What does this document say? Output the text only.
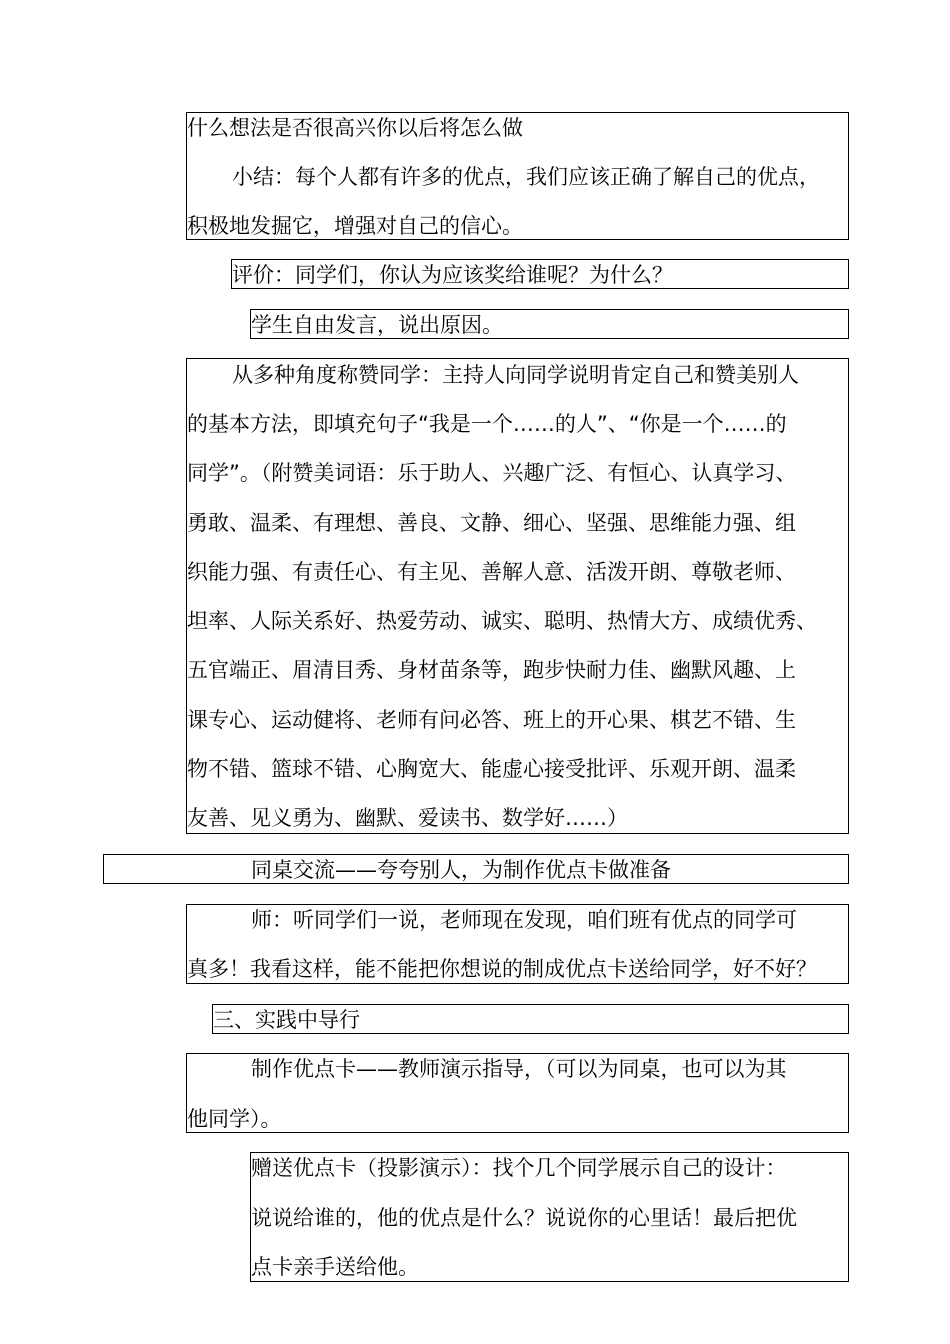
什么想法是否很高兴你以后将怎么做
小结：每个人都有许多的优点，我们应该正确了解自己的优点，
积极地发掘它，增强对自己的信心。
评价：同学们，你认为应该奖给谁呢？为什么？
学生自由发言，说出原因。
从多种角度称赞同学：主持人向同学说明肯定自己和赞美别人
的基本方法，即填充句子“我是一个……的人”、“你是一个……的
同学”。（附赞美词语：乐于助人、兴趣广泛、有恒心、认真学习、
勇敢、温柔、有理想、善良、文静、细心、坚强、思维能力强、组
织能力强、有责任心、有主见、善解人意、活泼开朗、尊敬老师、
坦率、人际关系好、热爱劳动、诚实、聪明、热情大方、成绩优秀、
五官端正、眉清目秀、身材苗条等，跑步快耐力佳、幽默风趣、上
课专心、运动健将、老师有问必答、班上的开心果、棋艺不错、生
物不错、篮球不错、心胸宽大、能虚心接受批评、乐观开朗、温柔
友善、见义勇为、幽默、爱读书、数学好……）
同桌交流——夸夸别人，为制作优点卡做准备
师：听同学们一说，老师现在发现，咱们班有优点的同学可
真多！我看这样，能不能把你想说的制成优点卡送给同学，好不好？
三、实践中导行
制作优点卡——教师演示指导，（可以为同桌，也可以为其
他同学）。
赠送优点卡（投影演示）：找个几个同学展示自己的设计：
说说给谁的，他的优点是什么？说说你的心里话！最后把优
点卡亲手送给他。
